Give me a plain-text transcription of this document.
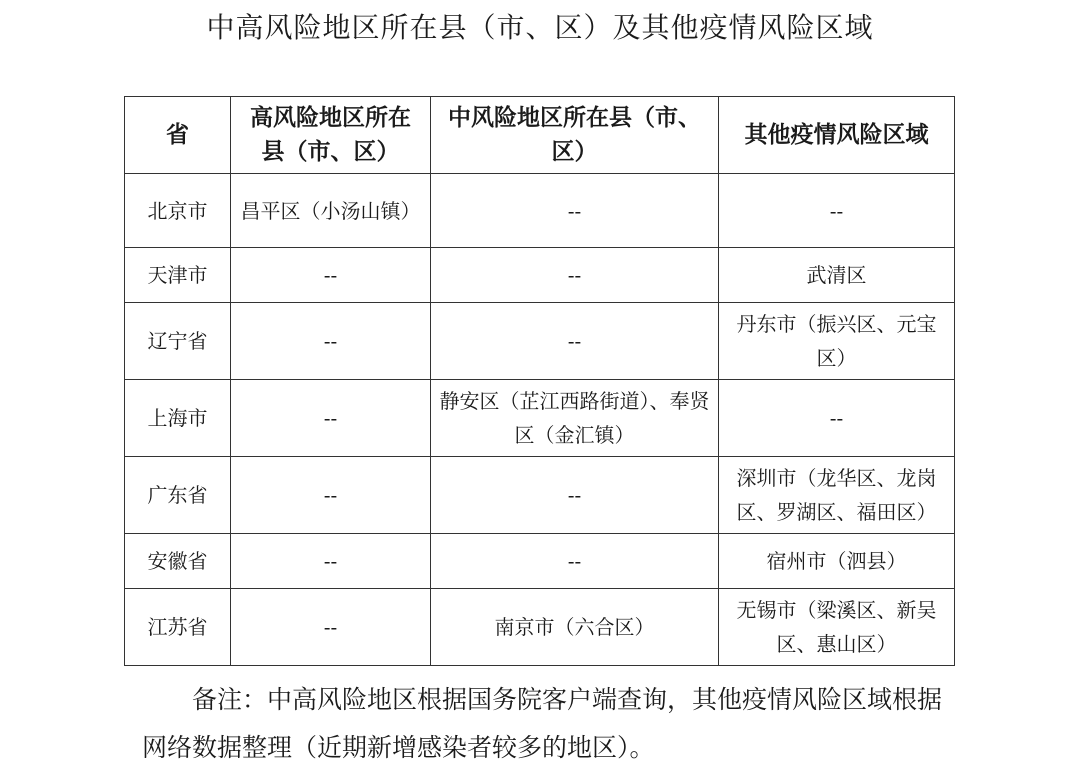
中高风险地区所在县（市、区）及其他疫情风险区域
省	高风险地区所在县（市、区）	中风险地区所在县（市、区）	其他疫情风险区域
北京市	昌平区（小汤山镇）	--	--
天津市	--	--	武清区
辽宁省	--	--	丹东市（振兴区、元宝区）
上海市	--	静安区（芷江西路街道）、奉贤区（金汇镇）	--
广东省	--	--	深圳市（龙华区、龙岗区、罗湖区、福田区）
安徽省	--	--	宿州市（泗县）
江苏省	--	南京市（六合区）	无锡市（梁溪区、新吴区、惠山区）
备注：中高风险地区根据国务院客户端查询，其他疫情风险区域根据网络数据整理（近期新增感染者较多的地区）。
